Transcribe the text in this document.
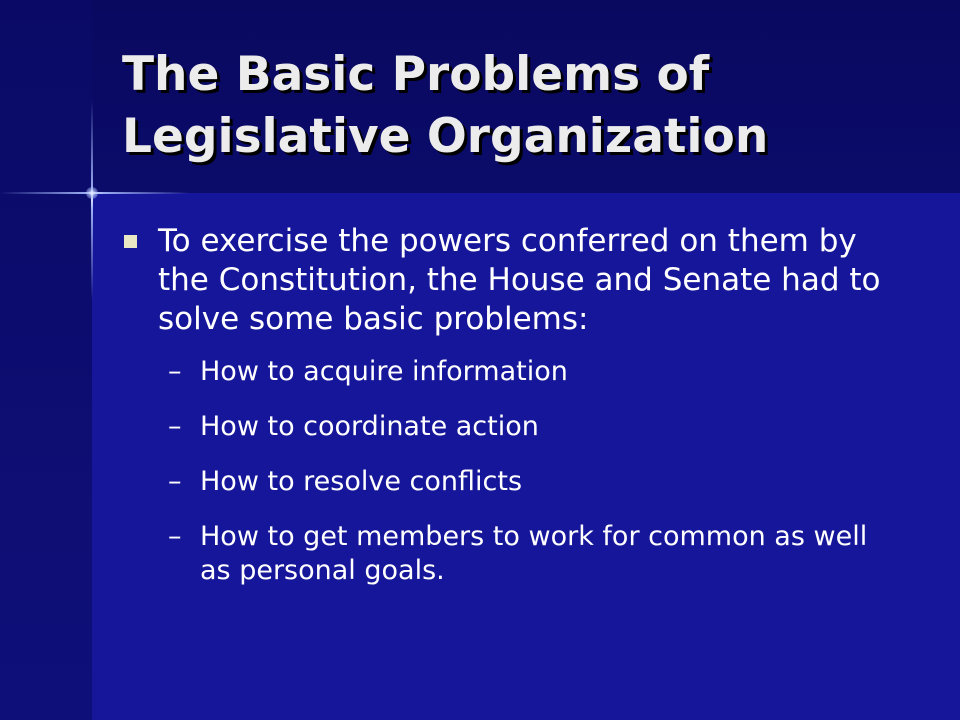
The Basic Problems of
Legislative Organization
To exercise the powers conferred on them by the Constitution, the House and Senate had to solve some basic problems:
– How to acquire information
– How to coordinate action
– How to resolve conflicts
– How to get members to work for common as well as personal goals.
